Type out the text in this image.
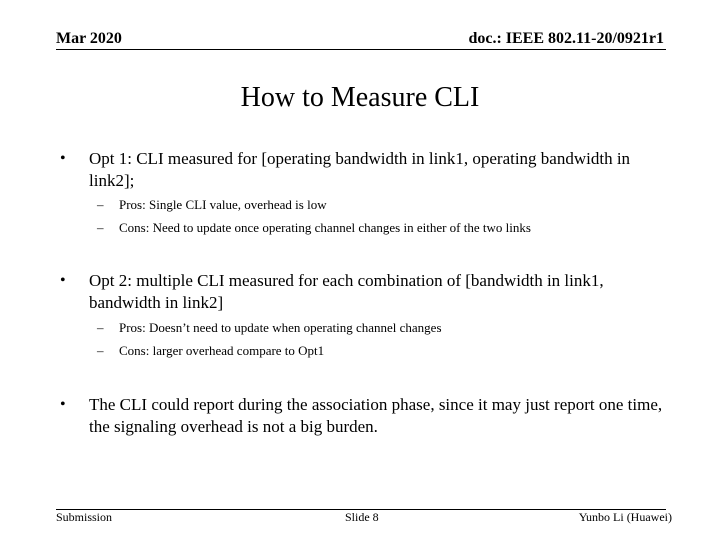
Mar 2020	doc.: IEEE 802.11-20/0921r1
How to Measure CLI
• Opt 1: CLI measured for [operating bandwidth in link1, operating bandwidth in link2];
– Pros: Single CLI value, overhead is low
– Cons: Need to update once operating channel changes in either of the two links
• Opt 2: multiple CLI measured for each combination of [bandwidth in link1, bandwidth in link2]
– Pros: Doesn’t need to update when operating channel changes
– Cons: larger overhead compare to Opt1
• The CLI could report during the association phase, since it may just report one time, the signaling overhead is not a big burden.
Submission	Slide 8	Yunbo Li (Huawei)
